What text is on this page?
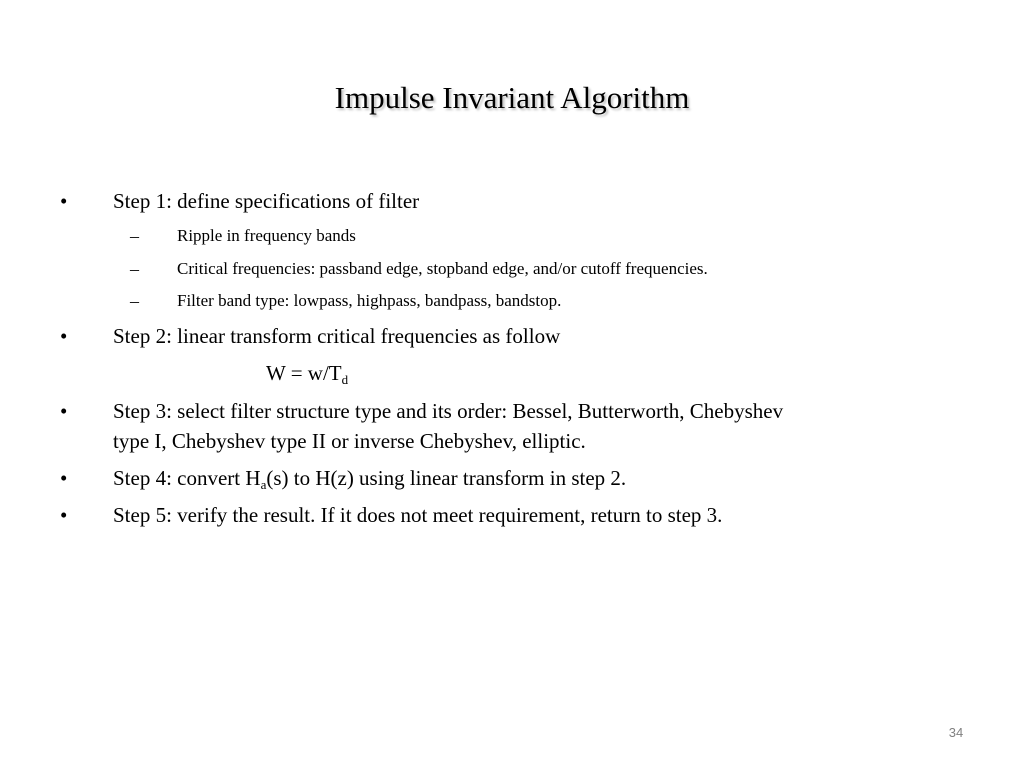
Impulse Invariant Algorithm
• Step 1: define specifications of filter
– Ripple in frequency bands
– Critical frequencies: passband edge, stopband edge, and/or cutoff frequencies.
– Filter band type: lowpass, highpass, bandpass, bandstop.
• Step 2: linear transform critical frequencies as follow
$W = w/T_d$
• Step 3: select filter structure type and its order: Bessel, Butterworth, Chebyshev
type I, Chebyshev type II or inverse Chebyshev, elliptic.
• Step 4: convert $H_a(s)$ to H(z) using linear transform in step 2.
• Step 5: verify the result. If it does not meet requirement, return to step 3.
34
